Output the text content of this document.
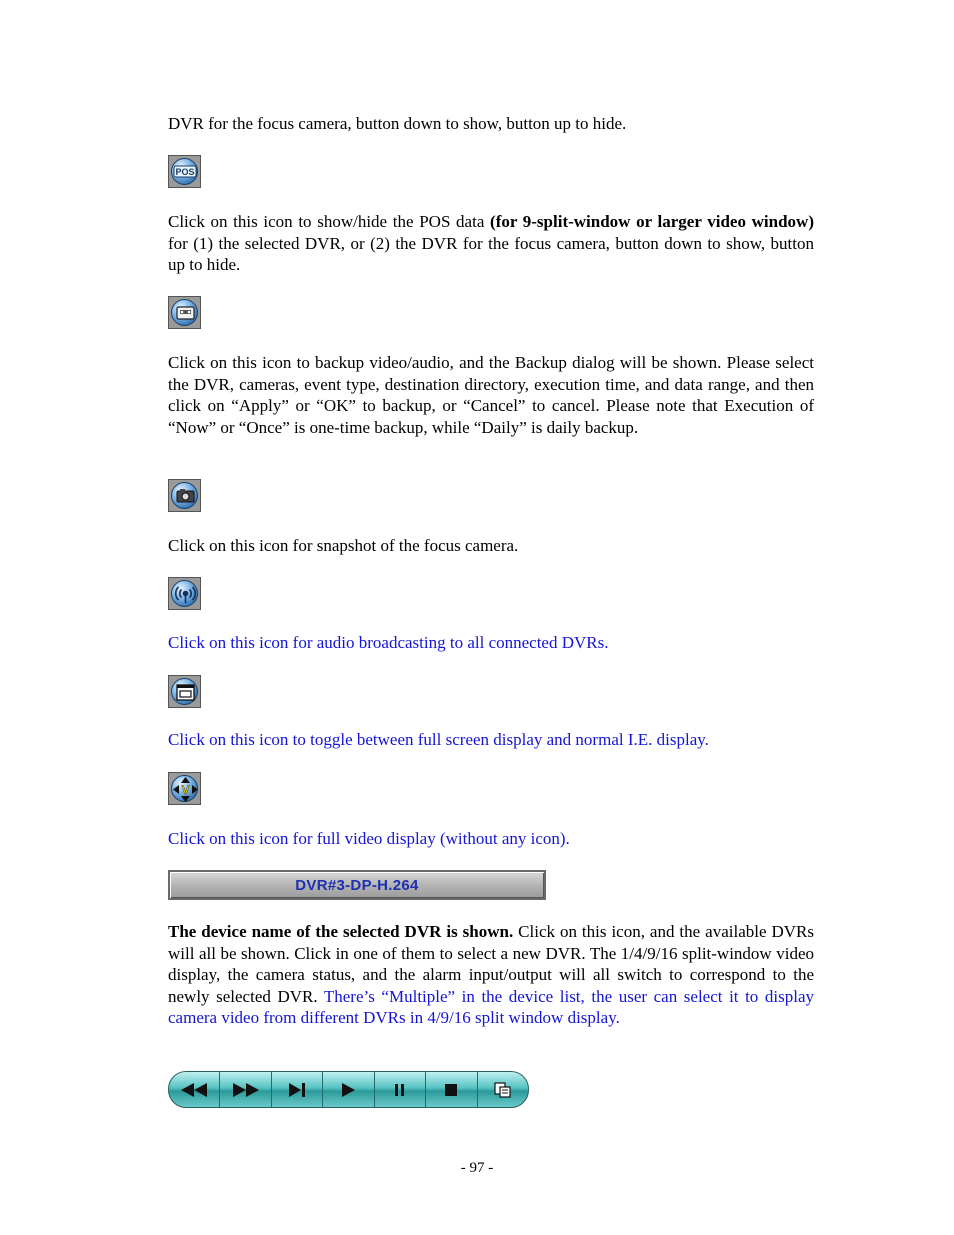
DVR for the focus camera, button down to show, button up to hide.

POS

Click on this icon to show/hide the POS data (for 9-split-window or larger video window) for (1) the selected DVR, or (2) the DVR for the focus camera, button down to show, button up to hide.

Click on this icon to backup video/audio, and the Backup dialog will be shown. Please select the DVR, cameras, event type, destination directory, execution time, and data range, and then click on “Apply” or “OK” to backup, or “Cancel” to cancel. Please note that Execution of “Now” or “Once” is one-time backup, while “Daily” is daily backup.

Click on this icon for snapshot of the focus camera.

Click on this icon for audio broadcasting to all connected DVRs.

Click on this icon to toggle between full screen display and normal I.E. display.

V

Click on this icon for full video display (without any icon).

DVR#3-DP-H.264

The device name of the selected DVR is shown. Click on this icon, and the available DVRs will all be shown. Click in one of them to select a new DVR. The 1/4/9/16 split-window video display, the camera status, and the alarm input/output will all switch to correspond to the newly selected DVR. There’s “Multiple” in the device list, the user can select it to display camera video from different DVRs in 4/9/16 split window display.

- 97 -
